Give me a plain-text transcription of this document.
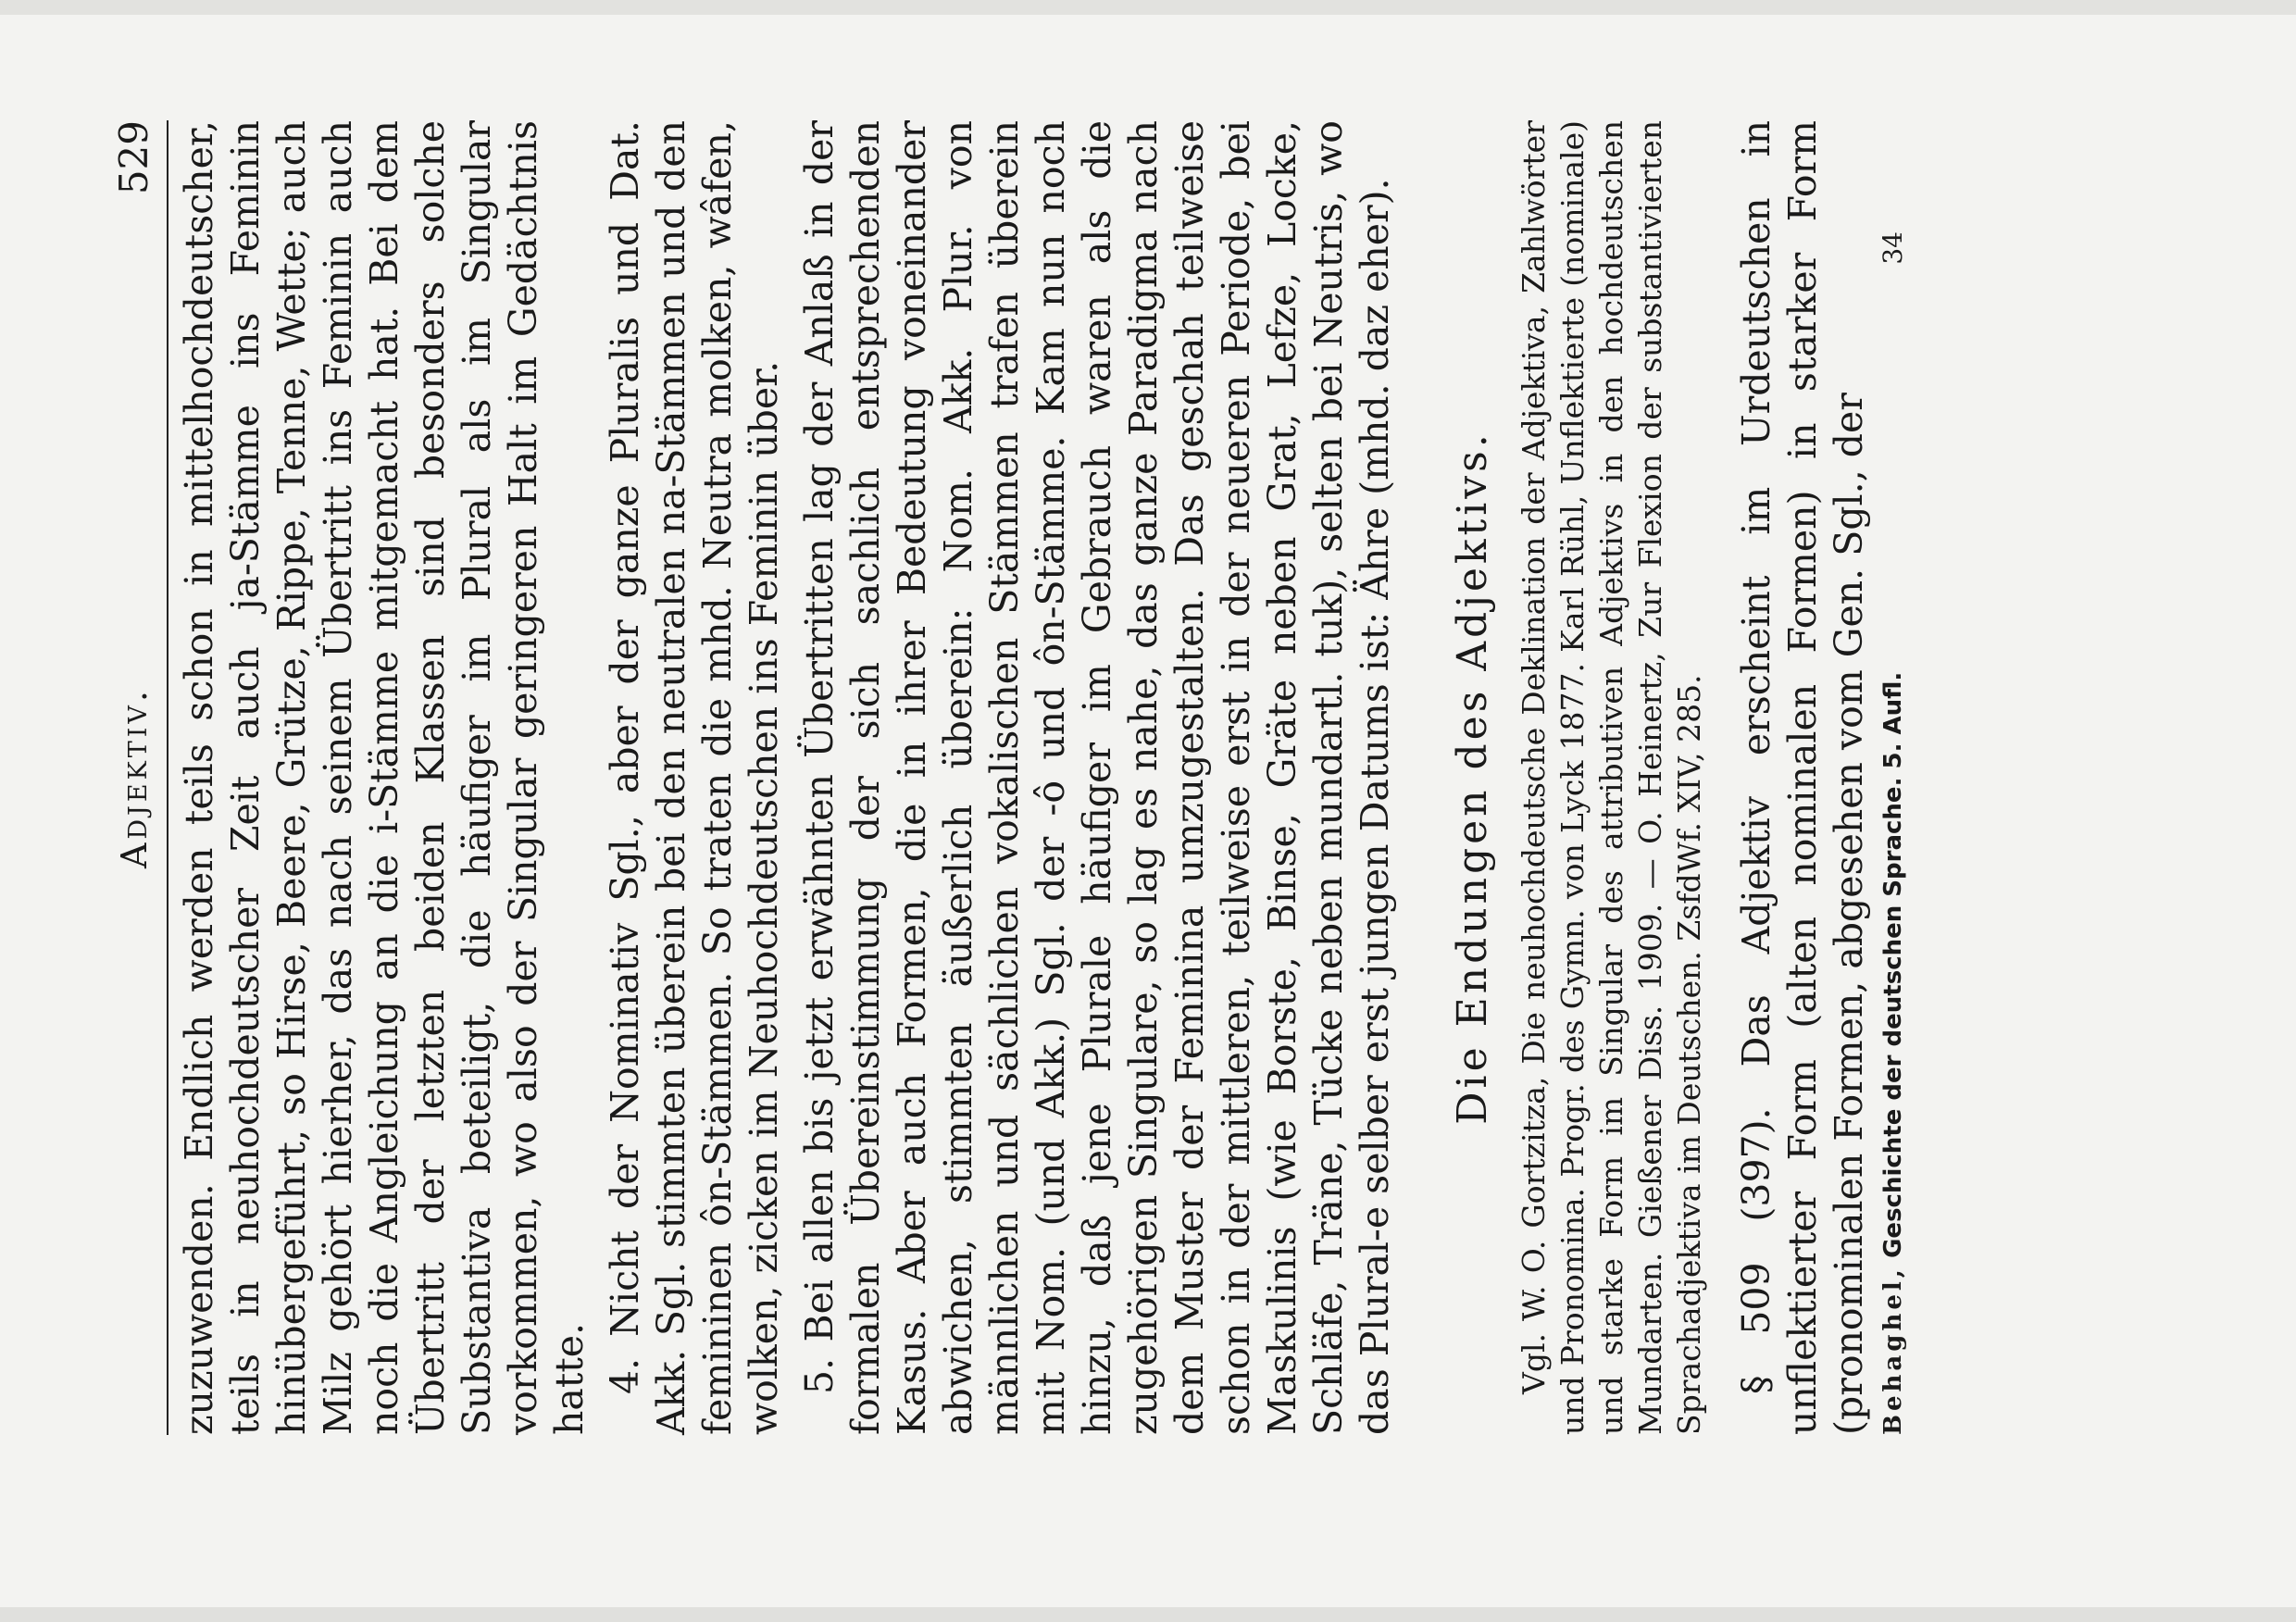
Adjektiv.
529 zuzuwenden. Endlich werden teils schon in mittelhochdeutscher, teils in neuhochdeutscher Zeit auch ja-Stämme ins Feminin hinübergeführt, so Hirse, Beere, Grütze, Rippe, Tenne, Wette; auch Milz gehört hierher, das nach seinem Übertritt ins Feminin auch noch die Angleichung an die i-Stämme mitgemacht hat. Bei dem Übertritt der letzten beiden Klassen sind besonders solche Substantiva beteiligt, die häufiger im Plural als im Singular vorkommen, wo also der Singular geringeren Halt im Gedächtnis hatte. 4. Nicht der Nominativ Sgl., aber der ganze Pluralis und Dat. Akk. Sgl. stimmten überein bei den neutralen na-Stämmen und den femininen ôn-Stämmen. So traten die mhd. Neutra molken, wâfen, wolken, zicken im Neuhochdeutschen ins Feminin über. 5. Bei allen bis jetzt erwähnten Übertritten lag der Anlaß in der formalen Übereinstimmung der sich sachlich entsprechenden Kasus. Aber auch Formen, die in ihrer Bedeutung voneinander abwichen, stimmten äußerlich überein: Nom. Akk. Plur. von männlichen und sächlichen vokalischen Stämmen trafen überein mit Nom. (und Akk.) Sgl. der -ô und ôn-Stämme. Kam nun noch hinzu, daß jene Plurale häufiger im Gebrauch waren als die zugehörigen Singulare, so lag es nahe, das ganze Paradigma nach dem Muster der Feminina umzugestalten. Das geschah teilweise schon in der mittleren, teilweise erst in der neueren Periode, bei Maskulinis (wie Borste, Binse, Gräte neben Grat, Lefze, Locke, Schläfe, Träne, Tücke neben mundartl. tuk), selten bei Neutris, wo das Plural-e selber erst jungen Datums ist: Ähre (mhd. daz eher). Die Endungen des Adjektivs. Vgl. W. O. Gortzitza, Die neuhochdeutsche Deklination der Adjektiva, Zahlwörter und Pronomina. Progr. des Gymn. von Lyck 1877. Karl Rühl, Unflektierte (nominale) und starke Form im Singular des attributiven Adjektivs in den hochdeutschen Mundarten. Gießener Diss. 1909. — O. Heinertz, Zur Flexion der substantivierten Sprachadjektiva im Deutschen. ZsfdWf. XIV, 285. § 509 (397). Das Adjektiv erscheint im Urdeutschen in unflektierter Form (alten nominalen Formen) in starker Form (pronominalen Formen, abgesehen vom Gen. Sgl., der Behaghel, Geschichte der deutschen Sprache. 5. Aufl.
34
